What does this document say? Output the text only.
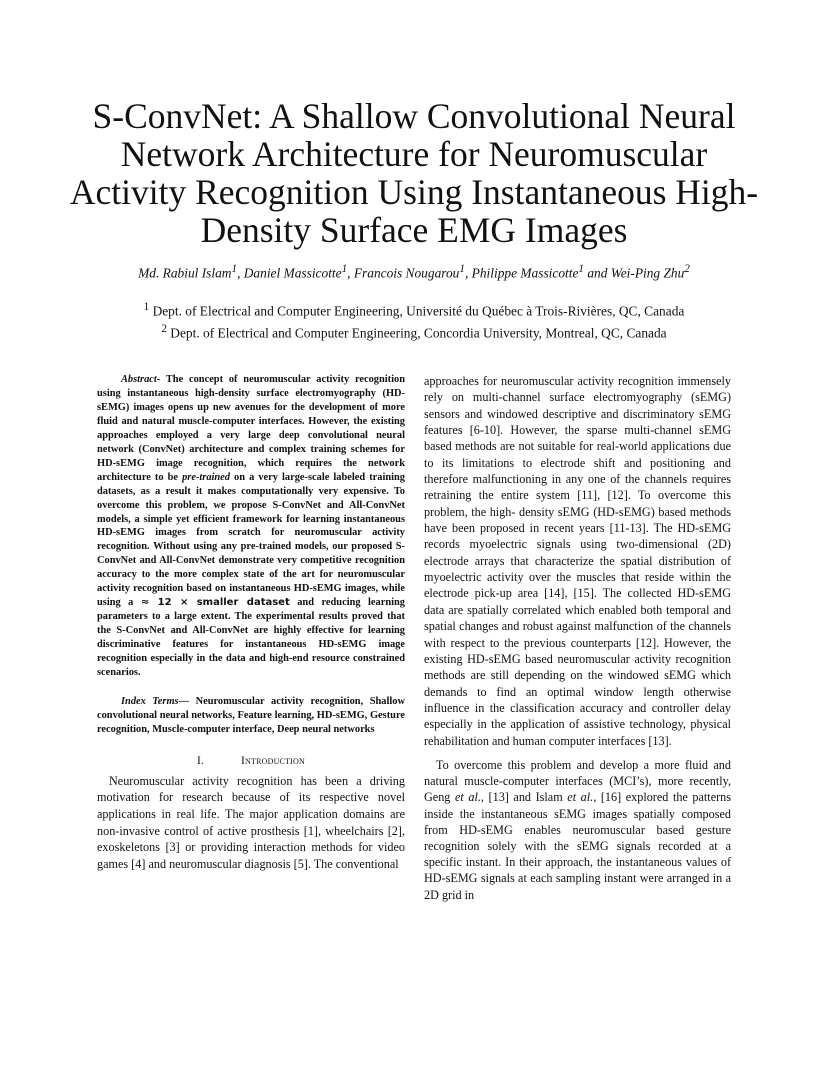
S-ConvNet: A Shallow Convolutional Neural Network Architecture for Neuromuscular Activity Recognition Using Instantaneous High-Density Surface EMG Images
Md. Rabiul Islam$^1$, Daniel Massicotte$^1$, Francois Nougarou$^1$, Philippe Massicotte$^1$ and Wei-Ping Zhu$^2$
$^1$ Dept. of Electrical and Computer Engineering, Université du Québec à Trois-Rivières, QC, Canada
$^2$ Dept. of Electrical and Computer Engineering, Concordia University, Montreal, QC, Canada

Abstract- The concept of neuromuscular activity recognition using instantaneous high-density surface electromyography (HD-sEMG) images opens up new avenues for the development of more fluid and natural muscle-computer interfaces. However, the existing approaches employed a very large deep convolutional neural network (ConvNet) architecture and complex training schemes for HD-sEMG image recognition, which requires the network architecture to be pre-trained on a very large-scale labeled training datasets, as a result it makes computationally very expensive. To overcome this problem, we propose S-ConvNet and All-ConvNet models, a simple yet efficient framework for learning instantaneous HD-sEMG images from scratch for neuromuscular activity recognition. Without using any pre-trained models, our proposed S-ConvNet and All-ConvNet demonstrate very competitive recognition accuracy to the more complex state of the art for neuromuscular activity recognition based on instantaneous HD-sEMG images, while using a ≈ 12 × smaller dataset and reducing learning parameters to a large extent. The experimental results proved that the S-ConvNet and All-ConvNet are highly effective for learning discriminative features for instantaneous HD-sEMG image recognition especially in the data and high-end resource constrained scenarios.

Index Terms— Neuromuscular activity recognition, Shallow convolutional neural networks, Feature learning, HD-sEMG, Gesture recognition, Muscle-computer interface, Deep neural networks

I.	Introduction

Neuromuscular activity recognition has been a driving motivation for research because of its respective novel applications in real life. The major application domains are non-invasive control of active prosthesis [1], wheelchairs [2], exoskeletons [3] or providing interaction methods for video games [4] and neuromuscular diagnosis [5]. The conventional

approaches for neuromuscular activity recognition immensely rely on multi-channel surface electromyography (sEMG) sensors and windowed descriptive and discriminatory sEMG features [6-10]. However, the sparse multi-channel sEMG based methods are not suitable for real-world applications due to its limitations to electrode shift and positioning and therefore malfunctioning in any one of the channels requires retraining the entire system [11], [12]. To overcome this problem, the high- density sEMG (HD-sEMG) based methods have been proposed in recent years [11-13]. The HD-sEMG records myoelectric signals using two-dimensional (2D) electrode arrays that characterize the spatial distribution of myoelectric activity over the muscles that reside within the electrode pick-up area [14], [15]. The collected HD-sEMG data are spatially correlated which enabled both temporal and spatial changes and robust against malfunction of the channels with respect to the previous counterparts [12]. However, the existing HD-sEMG based neuromuscular activity recognition methods are still depending on the windowed sEMG which demands to find an optimal window length otherwise influence in the classification accuracy and controller delay especially in the application of assistive technology, physical rehabilitation and human computer interfaces [13].

To overcome this problem and develop a more fluid and natural muscle-computer interfaces (MCI’s), more recently, Geng et al., [13] and Islam et al., [16] explored the patterns inside the instantaneous sEMG images spatially composed from HD-sEMG enables neuromuscular based gesture recognition solely with the sEMG signals recorded at a specific instant. In their approach, the instantaneous values of HD-sEMG signals at each sampling instant were arranged in a 2D grid in
